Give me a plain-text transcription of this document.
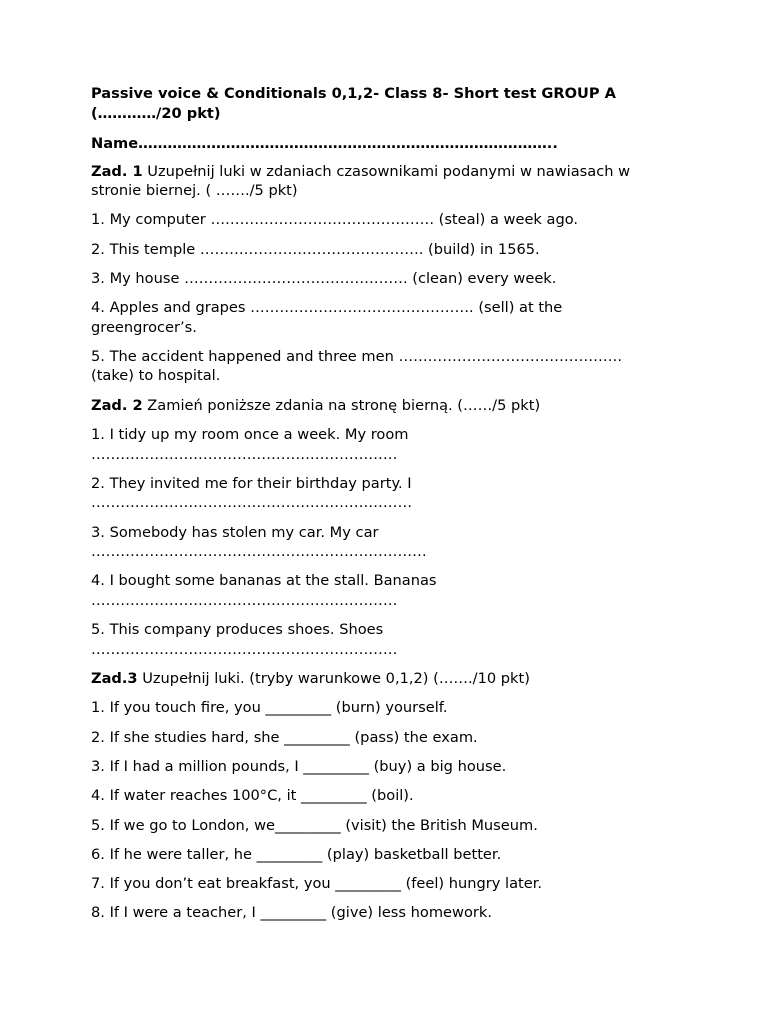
Passive voice & Conditionals 0,1,2- Class 8- Short test GROUP A
(…………/20 pkt)
Name…………………………………………………………………………..
Zad. 1 Uzupełnij luki w zdaniach czasownikami podanymi w nawiasach w
stronie biernej. ( ……./5 pkt)
1. My computer ………………………………………. (steal) a week ago.
2. This temple ………………………………………. (build) in 1565.
3. My house ………………………………………. (clean) every week.
4. Apples and grapes ………………………………………. (sell) at the
greengrocer’s.
5. The accident happened and three men ……………………………………….
(take) to hospital.
Zad. 2 Zamień poniższe zdania na stronę bierną. (……/5 pkt)
1. I tidy up my room once a week. My room
………………………………………………………
2. They invited me for their birthday party. I
…………………………………………………………
3. Somebody has stolen my car. My car
……………………………………………………………
4. I bought some bananas at the stall. Bananas
………………………………………………………
5. This company produces shoes. Shoes
………………………………………………………
Zad.3 Uzupełnij luki. (tryby warunkowe 0,1,2) (……./10 pkt)
1. If you touch fire, you _________ (burn) yourself.
2. If she studies hard, she _________ (pass) the exam.
3. If I had a million pounds, I _________ (buy) a big house.
4. If water reaches 100°C, it _________ (boil).
5. If we go to London, we_________ (visit) the British Museum.
6. If he were taller, he _________ (play) basketball better.
7. If you don’t eat breakfast, you _________ (feel) hungry later.
8. If I were a teacher, I _________ (give) less homework.
